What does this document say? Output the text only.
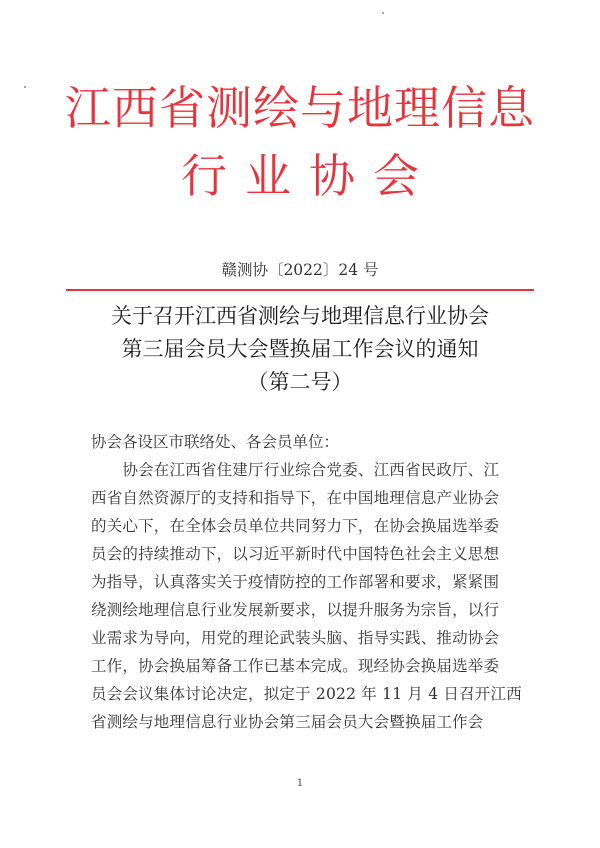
江西省测绘与地理信息
行业协会
赣测协〔2022〕24 号
关于召开江西省测绘与地理信息行业协会
第三届会员大会暨换届工作会议的通知
（第二号）
协会各设区市联络处、各会员单位：
　　协会在江西省住建厅行业综合党委、江西省民政厅、江
西省自然资源厅的支持和指导下，在中国地理信息产业协会
的关心下，在全体会员单位共同努力下，在协会换届选举委
员会的持续推动下，以习近平新时代中国特色社会主义思想
为指导，认真落实关于疫情防控的工作部署和要求，紧紧围
绕测绘地理信息行业发展新要求，以提升服务为宗旨，以行
业需求为导向，用党的理论武装头脑、指导实践、推动协会
工作，协会换届筹备工作已基本完成。现经协会换届选举委
员会会议集体讨论决定，拟定于 2022 年 11 月 4 日召开江西
省测绘与地理信息行业协会第三届会员大会暨换届工作会
1
